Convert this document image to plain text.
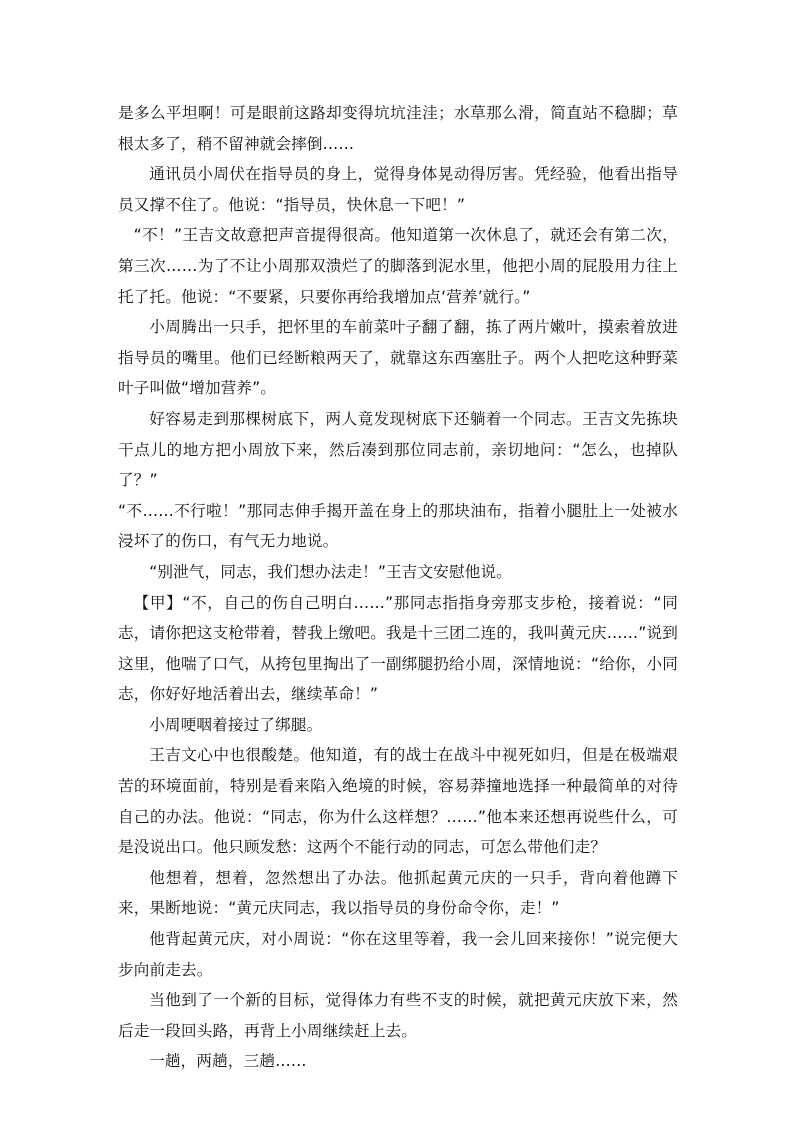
是多么平坦啊！可是眼前这路却变得坑坑洼洼；水草那么滑，简直站不稳脚；草根太多了，稍不留神就会摔倒……

通讯员小周伏在指导员的身上，觉得身体晃动得厉害。凭经验，他看出指导员又撑不住了。他说：“指导员，快休息一下吧！”

“不！”王吉文故意把声音提得很高。他知道第一次休息了，就还会有第二次，第三次……为了不让小周那双溃烂了的脚落到泥水里，他把小周的屁股用力往上托了托。他说：“不要紧，只要你再给我增加点‘营养’就行。”

小周腾出一只手，把怀里的车前菜叶子翻了翻，拣了两片嫩叶，摸索着放进指导员的嘴里。他们已经断粮两天了，就靠这东西塞肚子。两个人把吃这种野菜叶子叫做“增加营养”。

好容易走到那棵树底下，两人竟发现树底下还躺着一个同志。王吉文先拣块干点儿的地方把小周放下来，然后凑到那位同志前，亲切地问：“怎么，也掉队了？”

“不……不行啦！”那同志伸手揭开盖在身上的那块油布，指着小腿肚上一处被水浸坏了的伤口，有气无力地说。

“别泄气，同志，我们想办法走！”王吉文安慰他说。

【甲】“不，自己的伤自己明白……”那同志指指身旁那支步枪，接着说：“同志，请你把这支枪带着，替我上缴吧。我是十三团二连的，我叫黄元庆……”说到这里，他喘了口气，从挎包里掏出了一副绑腿扔给小周，深情地说：“给你，小同志，你好好地活着出去，继续革命！”

小周哽咽着接过了绑腿。

王吉文心中也很酸楚。他知道，有的战士在战斗中视死如归，但是在极端艰苦的环境面前，特别是看来陷入绝境的时候，容易莽撞地选择一种最简单的对待自己的办法。他说：“同志，你为什么这样想？……”他本来还想再说些什么，可是没说出口。他只顾发愁：这两个不能行动的同志，可怎么带他们走？

他想着，想着，忽然想出了办法。他抓起黄元庆的一只手，背向着他蹲下来，果断地说：“黄元庆同志，我以指导员的身份命令你，走！”

他背起黄元庆，对小周说：“你在这里等着，我一会儿回来接你！”说完便大步向前走去。

当他到了一个新的目标，觉得体力有些不支的时候，就把黄元庆放下来，然后走一段回头路，再背上小周继续赶上去。

一趟，两趟，三趟……
